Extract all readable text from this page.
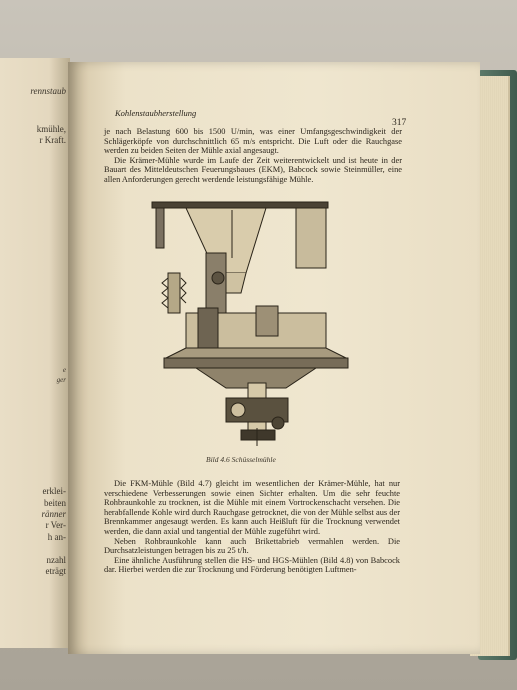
rennstaub
kmühle,
r Kraft.
e
ger
erklei-
beiten
ränner
r Ver-
h an-
nzahl
eträgt
Kohlenstaubherstellung
317

je nach Belastung 600 bis 1500 U/min, was einer Umfangsgeschwindigkeit der Schlägerköpfe von durchschnittlich 65 m/s entspricht. Die Luft oder die Rauchgase werden zu beiden Seiten der Mühle axial angesaugt.

Die Krämer-Mühle wurde im Laufe der Zeit weiterentwickelt und ist heute in der Bauart des Mitteldeutschen Feuerungsbaues (EKM), Babcock sowie Steinmüller, eine allen Anforderungen gerecht werdende leistungsfähige Mühle.

Bild 4.6 Schüsselmühle

Die FKM-Mühle (Bild 4.7) gleicht im wesentlichen der Krämer-Mühle, hat nur verschiedene Verbesserungen sowie einen Sichter erhalten. Um die sehr feuchte Rohbraunkohle zu trocknen, ist die Mühle mit einem Vortrockenschacht versehen. Die herabfallende Kohle wird durch Rauchgase getrocknet, die von der Mühle selbst aus der Brennkammer angesaugt werden. Es kann auch Heißluft für die Trocknung verwendet werden, die dann axial und tangential der Mühle zugeführt wird.

Neben Rohbraunkohle kann auch Brikettabrieb vermahlen werden. Die Durchsatzleistungen betragen bis zu 25 t/h.

Eine ähnliche Ausführung stellen die HS- und HGS-Mühlen (Bild 4.8) von Babcock dar. Hierbei werden die zur Trocknung und Förderung benötigten Luftmen-
